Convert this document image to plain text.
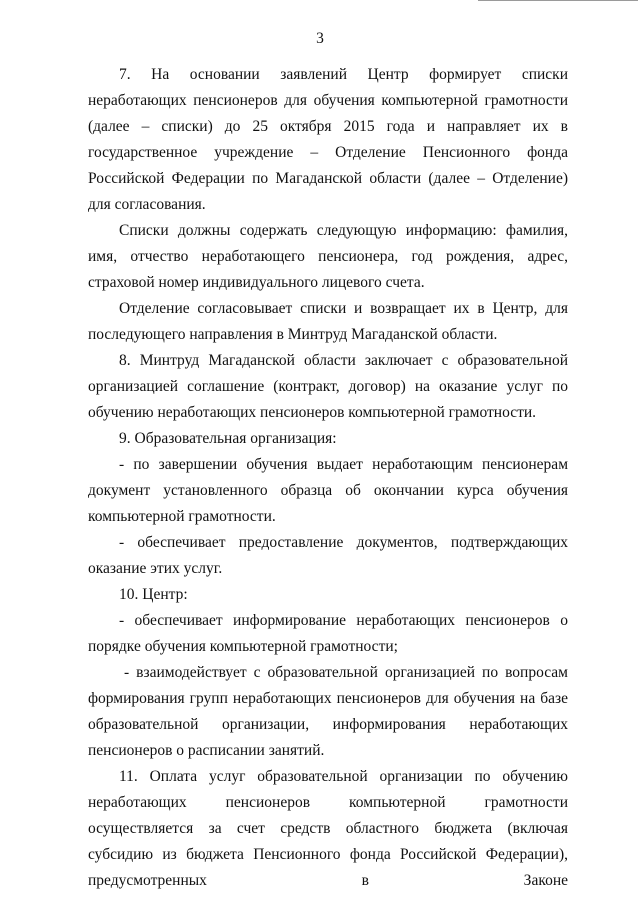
3

7. На основании заявлений Центр формирует списки неработающих пенсионеров для обучения компьютерной грамотности (далее – списки) до 25 октября 2015 года и направляет их в государственное учреждение – Отделение Пенсионного фонда Российской Федерации по Магаданской области (далее – Отделение) для согласования.

Списки должны содержать следующую информацию: фамилия, имя, отчество неработающего пенсионера, год рождения, адрес, страховой номер индивидуального лицевого счета.

Отделение согласовывает списки и возвращает их в Центр, для последующего направления в Минтруд Магаданской области.

8. Минтруд Магаданской области заключает с образовательной организацией соглашение (контракт, договор) на оказание услуг по обучению неработающих пенсионеров компьютерной грамотности.

9. Образовательная организация:

- по завершении обучения выдает неработающим пенсионерам документ установленного образца об окончании курса обучения компьютерной грамотности.

- обеспечивает предоставление документов, подтверждающих оказание этих услуг.

10. Центр:

- обеспечивает информирование неработающих пенсионеров о порядке обучения компьютерной грамотности;

- взаимодействует с образовательной организацией по вопросам формирования групп неработающих пенсионеров для обучения на базе образовательной организации, информирования неработающих пенсионеров о расписании занятий.

11. Оплата услуг образовательной организации по обучению неработающих пенсионеров компьютерной грамотности осуществляется за счет средств областного бюджета (включая субсидию из бюджета Пенсионного фонда Российской Федерации), предусмотренных в Законе
